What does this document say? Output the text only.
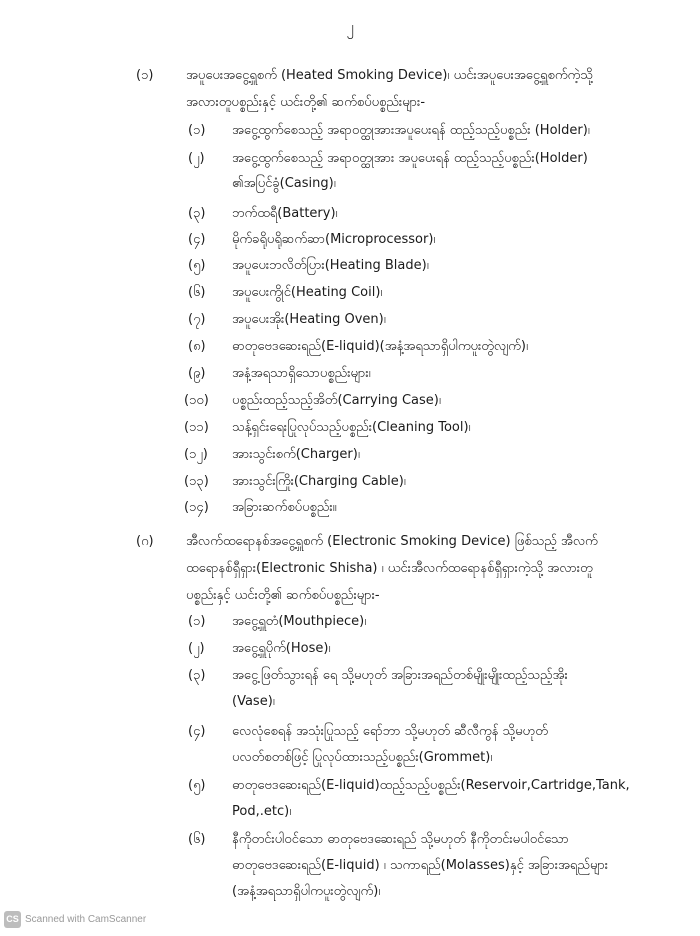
၂
(၁)	အပူပေးအငွေ့ရှူစက် (Heated Smoking Device)၊ ယင်းအပူပေးအငွေ့ရှူစက်ကဲ့သို့
အလားတူပစ္စည်းနှင့် ယင်းတို့၏ ဆက်စပ်ပစ္စည်းများ-
(၁) အငွေ့ထွက်စေသည့် အရာဝတ္ထုအားအပူပေးရန် ထည့်သည့်ပစ္စည်း (Holder)၊
(၂) အငွေ့ထွက်စေသည့် အရာဝတ္ထုအား အပူပေးရန် ထည့်သည့်ပစ္စည်း(Holder)
၏အပြင်ခွံ(Casing)၊
(၃) ဘက်ထရီ(Battery)၊
(၄) မိုက်ခရိုပရိုဆက်ဆာ(Microprocessor)၊
(၅) အပူပေးဘလိတ်ပြား(Heating Blade)၊
(၆) အပူပေးကွိုင်(Heating Coil)၊
(၇) အပူပေးအိုး(Heating Oven)၊
(၈) ဓာတုဗေဒဆေးရည်(E-liquid)(အနံ့အရသာရှိပါကပူးတွဲလျက်)၊
(၉) အနံ့အရသာရှိသောပစ္စည်းများ၊
(၁၀) ပစ္စည်းထည့်သည့်အိတ်(Carrying Case)၊
(၁၁) သန့်ရှင်းရေးပြုလုပ်သည့်ပစ္စည်း(Cleaning Tool)၊
(၁၂) အားသွင်းစက်(Charger)၊
(၁၃) အားသွင်းကြိုး(Charging Cable)၊
(၁၄) အခြားဆက်စပ်ပစ္စည်း။
(ဂ) အီလက်ထရောနစ်အငွေ့ရှူစက် (Electronic Smoking Device) ဖြစ်သည့် အီလက်
ထရောနစ်ရှီရှား(Electronic Shisha) ၊ ယင်းအီလက်ထရောနစ်ရှီရှားကဲ့သို့ အလားတူ
ပစ္စည်းနှင့် ယင်းတို့၏ ဆက်စပ်ပစ္စည်းများ-
(၁) အငွေ့ရှူတံ(Mouthpiece)၊
(၂) အငွေ့ရှူပိုက်(Hose)၊
(၃) အငွေ့ဖြတ်သွားရန် ရေ သို့မဟုတ် အခြားအရည်တစ်မျိုးမျိုးထည့်သည့်အိုး
(Vase)၊
(၄) လေလုံစေရန် အသုံးပြုသည့် ရော်ဘာ သို့မဟုတ် ဆီလီကွန် သို့မဟုတ်
ပလတ်စတစ်ဖြင့် ပြုလုပ်ထားသည့်ပစ္စည်း(Grommet)၊
(၅) ဓာတုဗေဒဆေးရည်(E-liquid)ထည့်သည့်ပစ္စည်း(Reservoir,Cartridge,Tank,
Pod,.etc)၊
(၆) နီကိုတင်းပါဝင်သော ဓာတုဗေဒဆေးရည် သို့မဟုတ် နီကိုတင်းမပါဝင်သော
ဓာတုဗေဒဆေးရည်(E-liquid) ၊ သကာရည်(Molasses)နှင့် အခြားအရည်များ
(အနံ့အရသာရှိပါကပူးတွဲလျက်)၊
CS Scanned with CamScanner
